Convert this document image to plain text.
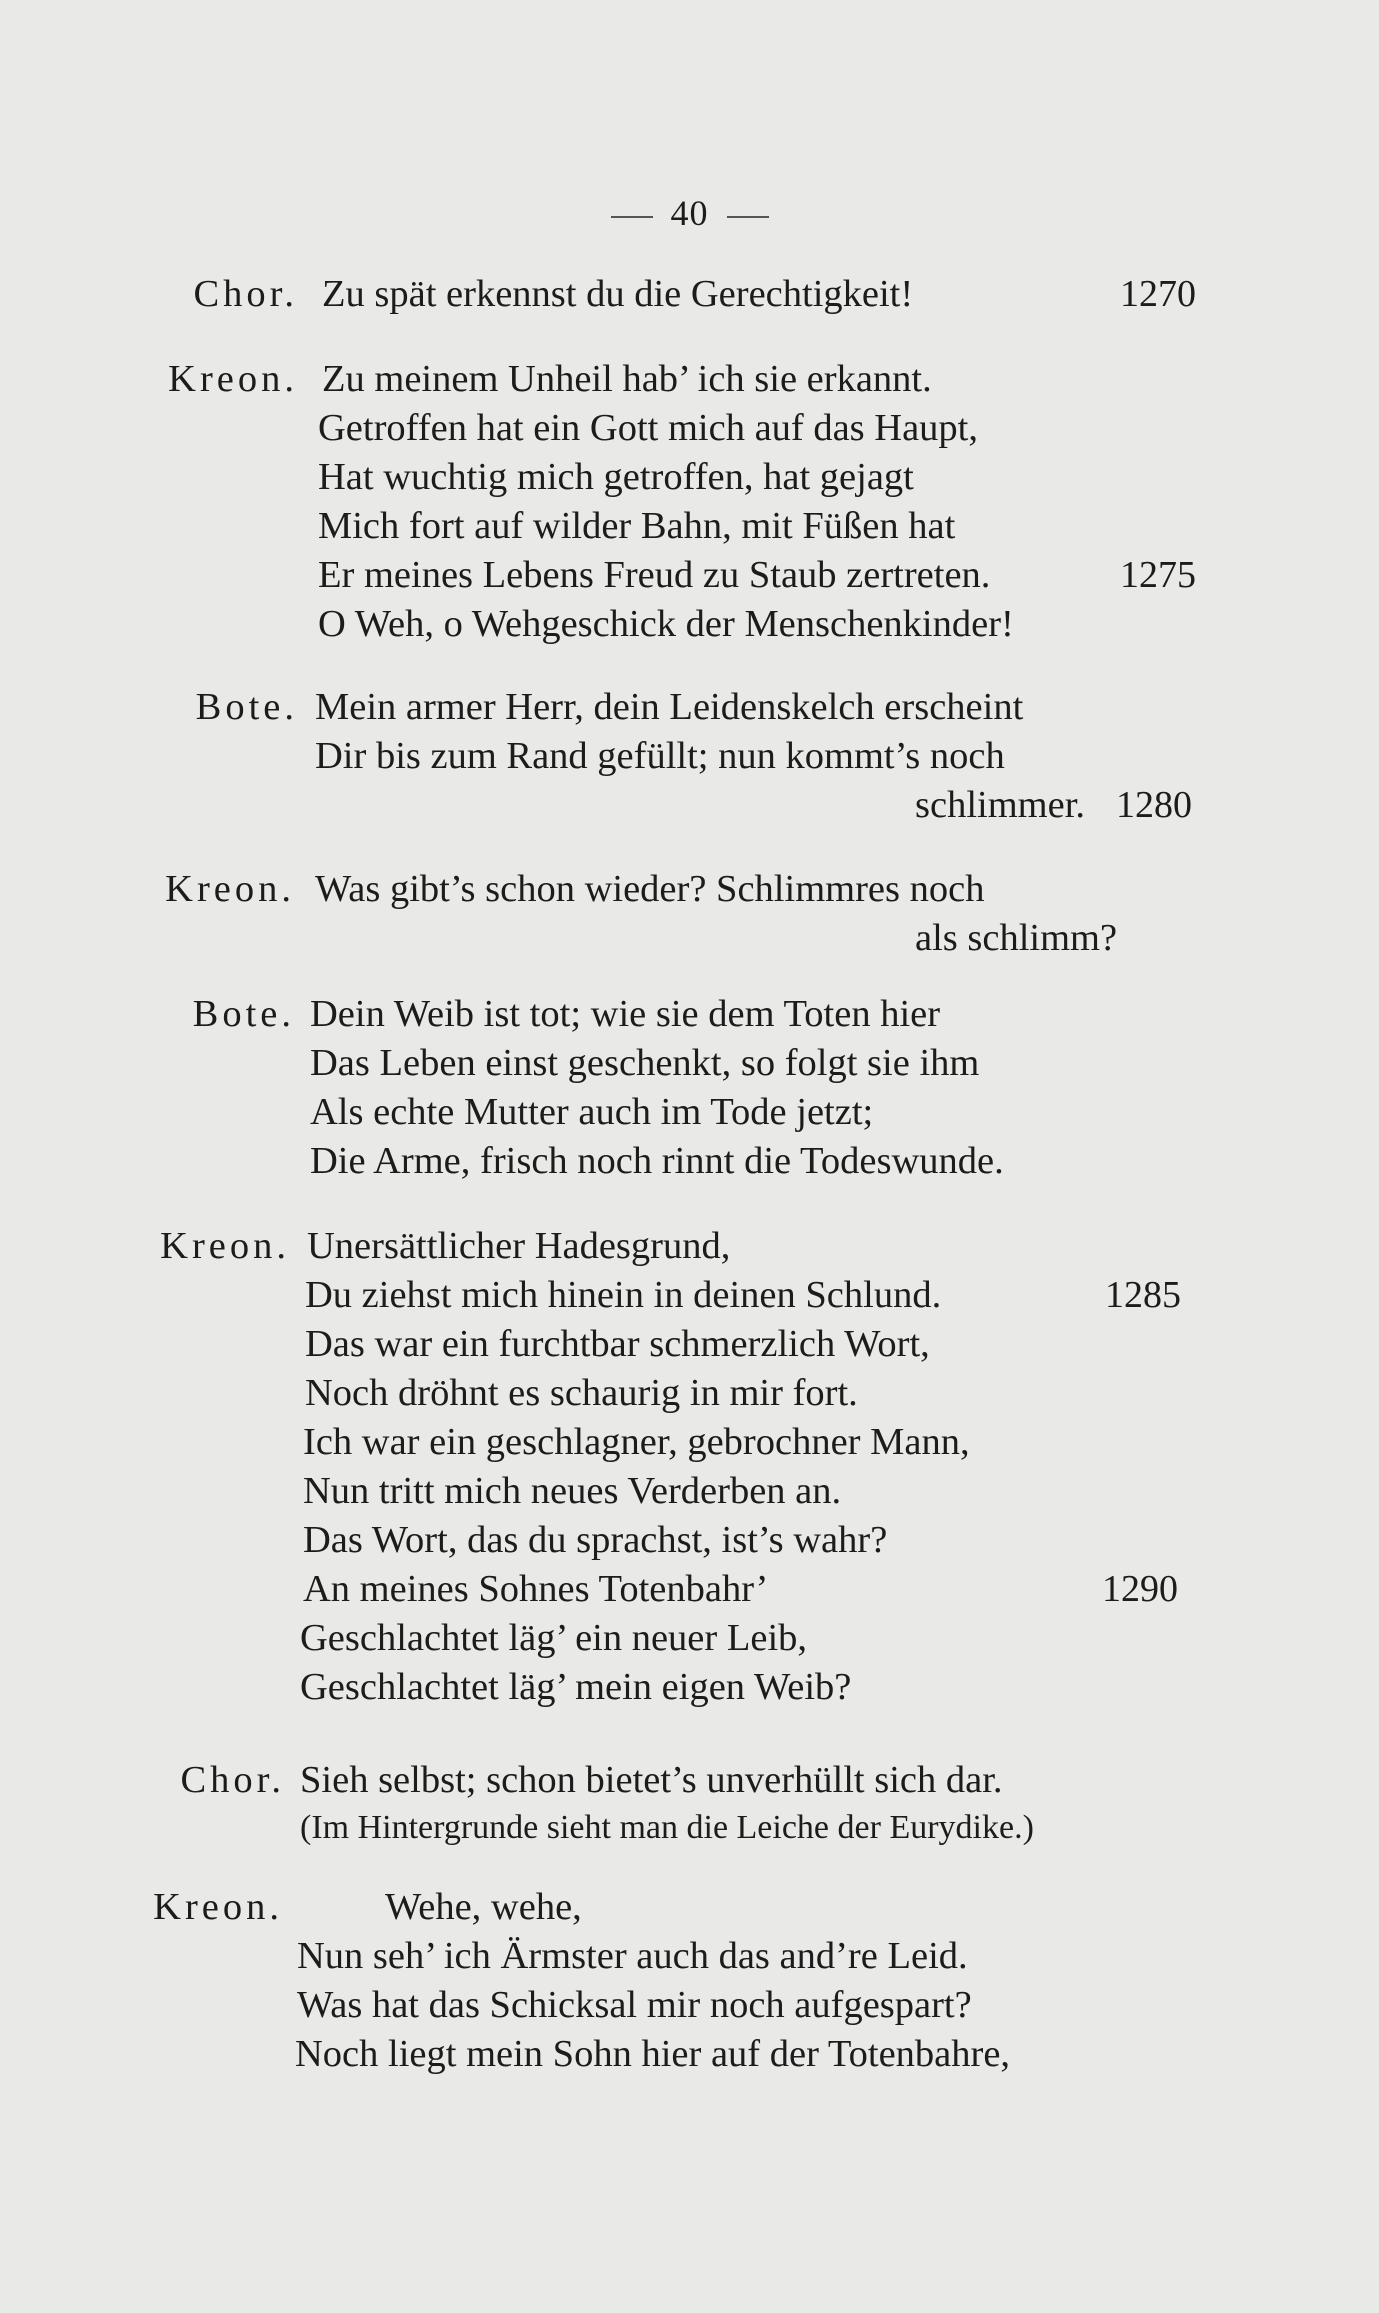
40
Chor. Zu spät erkennst du die Gerechtigkeit!	1270
Kreon. Zu meinem Unheil hab’ ich sie erkannt.
Getroffen hat ein Gott mich auf das Haupt,
Hat wuchtig mich getroffen, hat gejagt
Mich fort auf wilder Bahn, mit Füßen hat
Er meines Lebens Freud zu Staub zertreten.	1275
O Weh, o Wehgeschick der Menschenkinder!
Bote. Mein armer Herr, dein Leidenskelch erscheint
Dir bis zum Rand gefüllt; nun kommt’s noch
schlimmer. 1280
Kreon. Was gibt’s schon wieder? Schlimmres noch
als schlimm?
Bote. Dein Weib ist tot; wie sie dem Toten hier
Das Leben einst geschenkt, so folgt sie ihm
Als echte Mutter auch im Tode jetzt;
Die Arme, frisch noch rinnt die Todeswunde.
Kreon. Unersättlicher Hadesgrund,
Du ziehst mich hinein in deinen Schlund.	1285
Das war ein furchtbar schmerzlich Wort,
Noch dröhnt es schaurig in mir fort.
Ich war ein geschlagner, gebrochner Mann,
Nun tritt mich neues Verderben an.
Das Wort, das du sprachst, ist’s wahr?
An meines Sohnes Totenbahr’	1290
Geschlachtet läg’ ein neuer Leib,
Geschlachtet läg’ mein eigen Weib?
Chor. Sieh selbst; schon bietet’s unverhüllt sich dar.
(Im Hintergrunde sieht man die Leiche der Eurydike.)
Kreon.	Wehe, wehe,
Nun seh’ ich Ärmster auch das and’re Leid.
Was hat das Schicksal mir noch aufgespart?
Noch liegt mein Sohn hier auf der Totenbahre,
